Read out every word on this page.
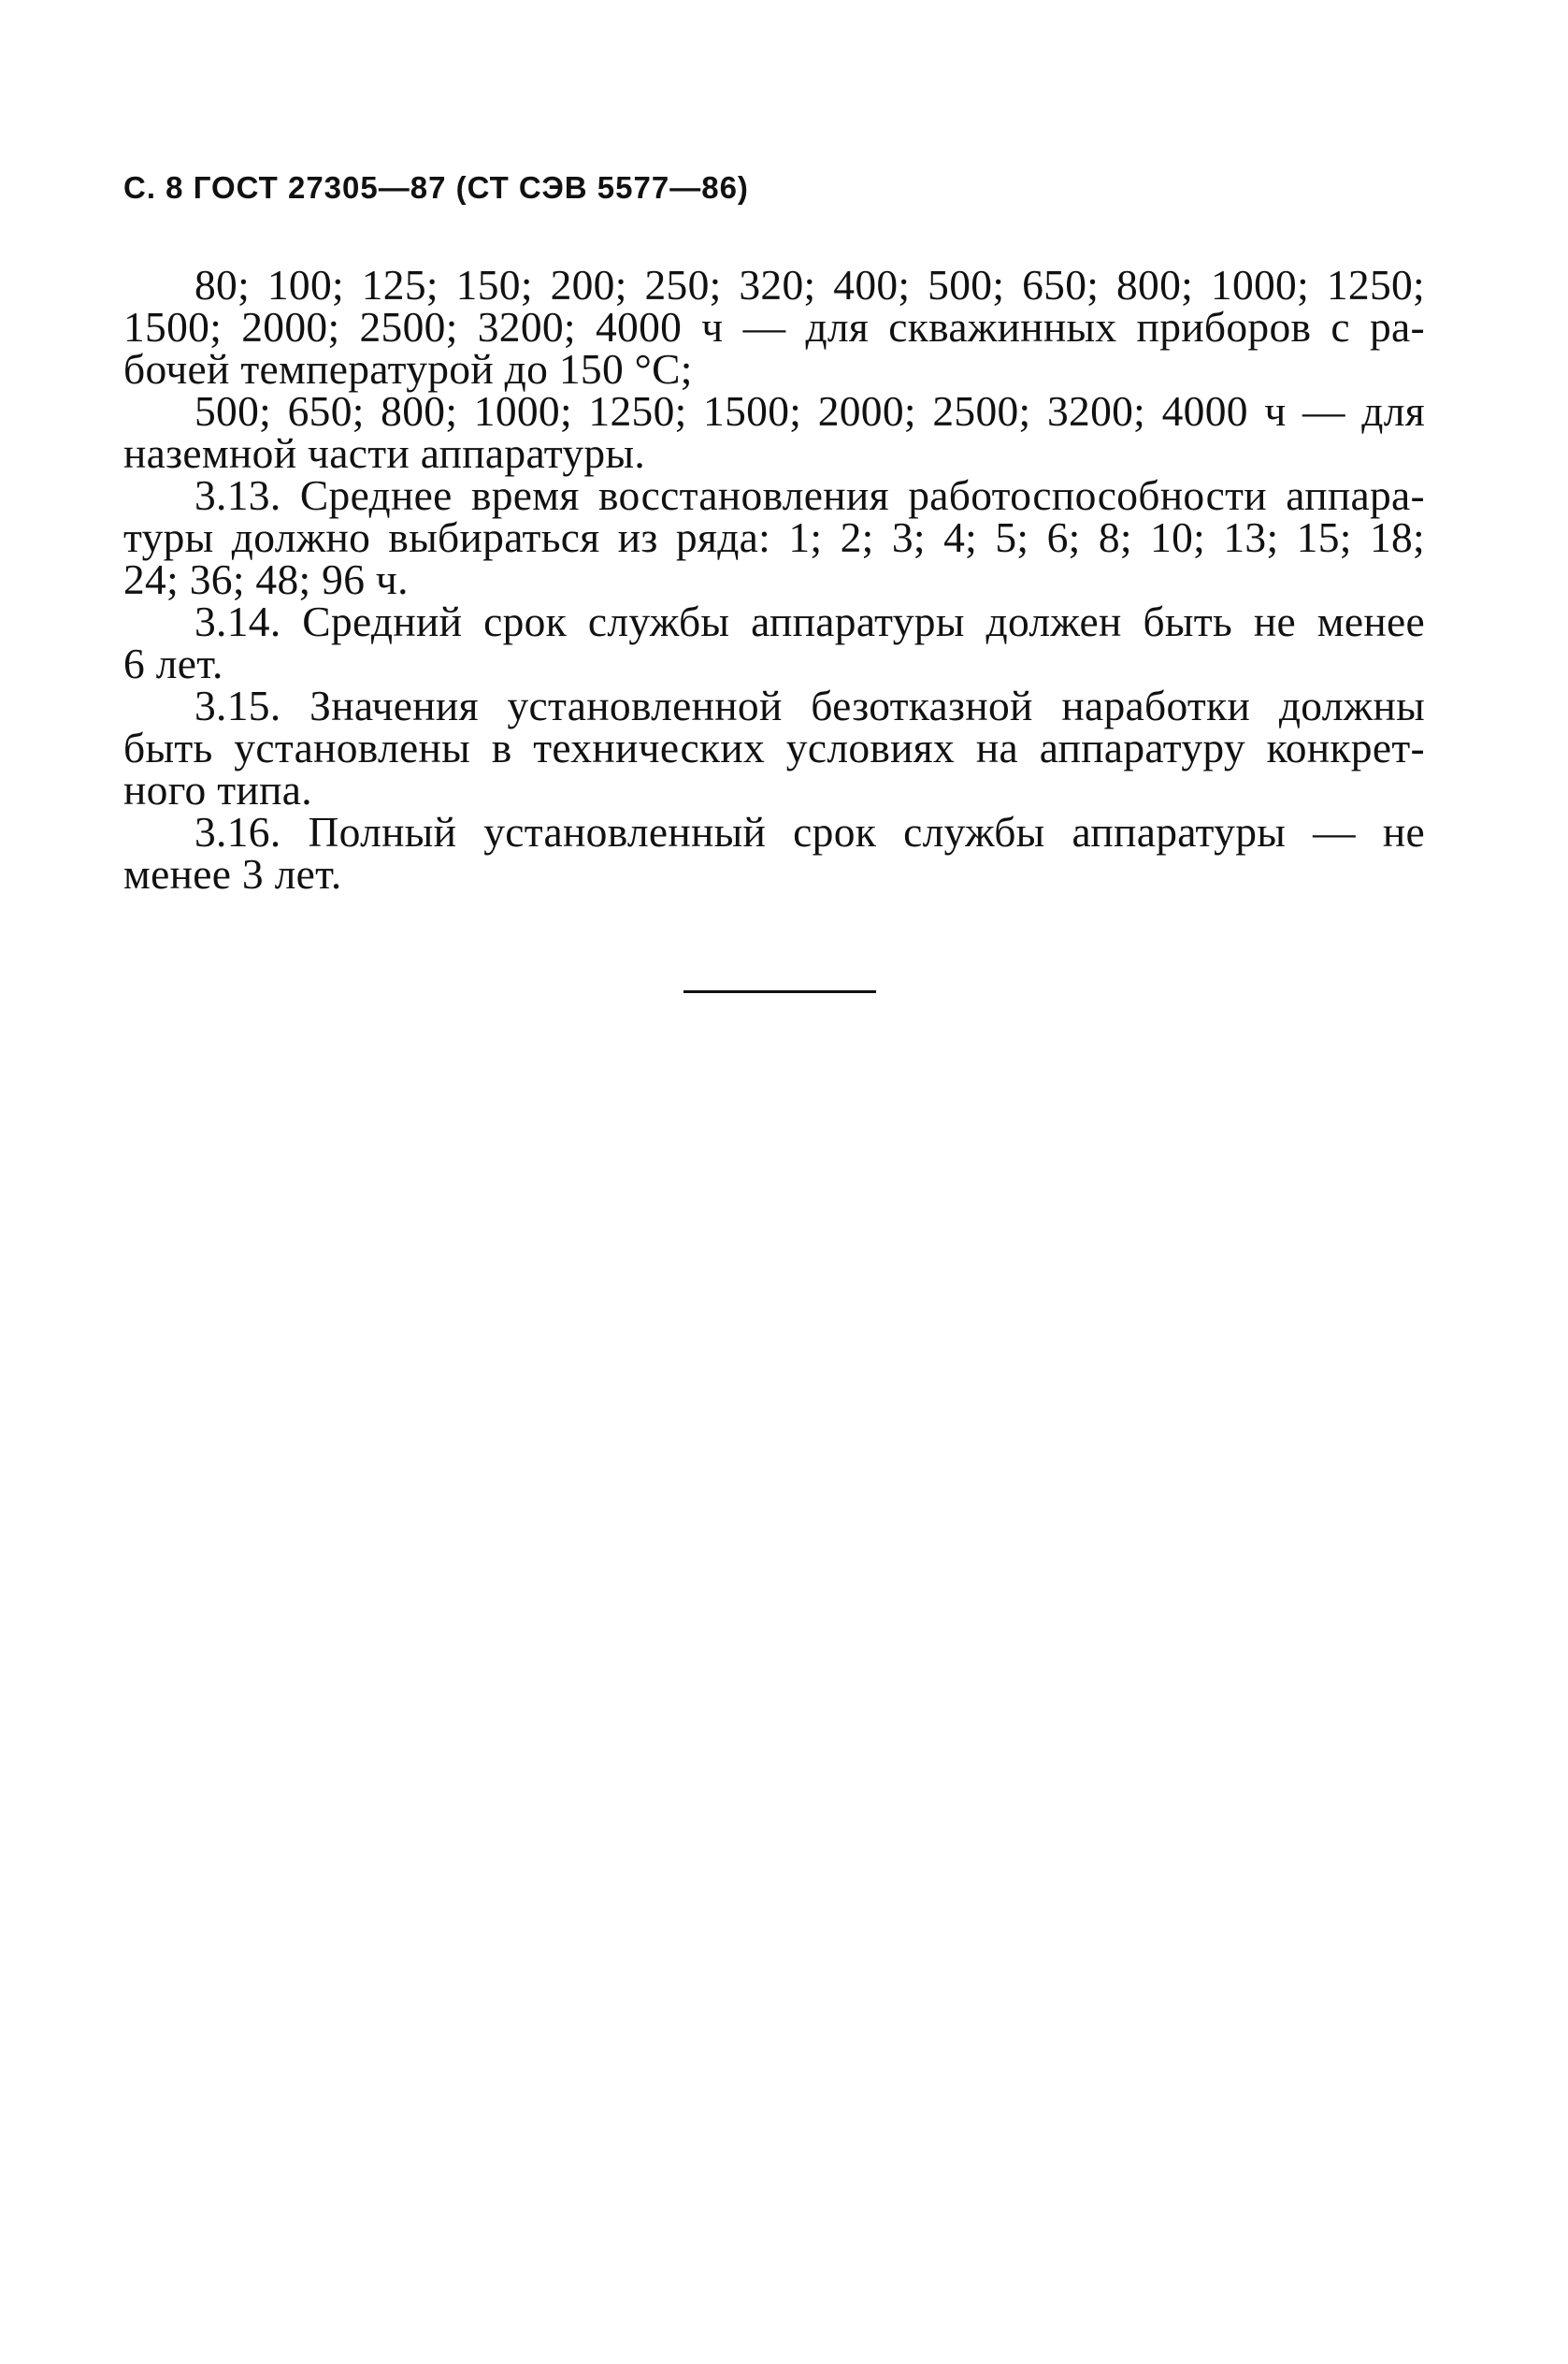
С. 8 ГОСТ 27305—87 (СТ СЭВ 5577—86)
80; 100; 125; 150; 200; 250; 320; 400; 500; 650; 800; 1000; 1250;
1500; 2000; 2500; 3200; 4000 ч — для скважинных приборов с ра-
бочей температурой до 150 °С;
500; 650; 800; 1000; 1250; 1500; 2000; 2500; 3200; 4000 ч — для
наземной части аппаратуры.
3.13. Среднее время восстановления работоспособности аппара-
туры должно выбираться из ряда: 1; 2; 3; 4; 5; 6; 8; 10; 13; 15; 18;
24; 36; 48; 96 ч.
3.14. Средний срок службы аппаратуры должен быть не менее
6 лет.
3.15. Значения установленной безотказной наработки должны
быть установлены в технических условиях на аппаратуру конкрет-
ного типа.
3.16. Полный установленный срок службы аппаратуры — не
менее 3 лет.
